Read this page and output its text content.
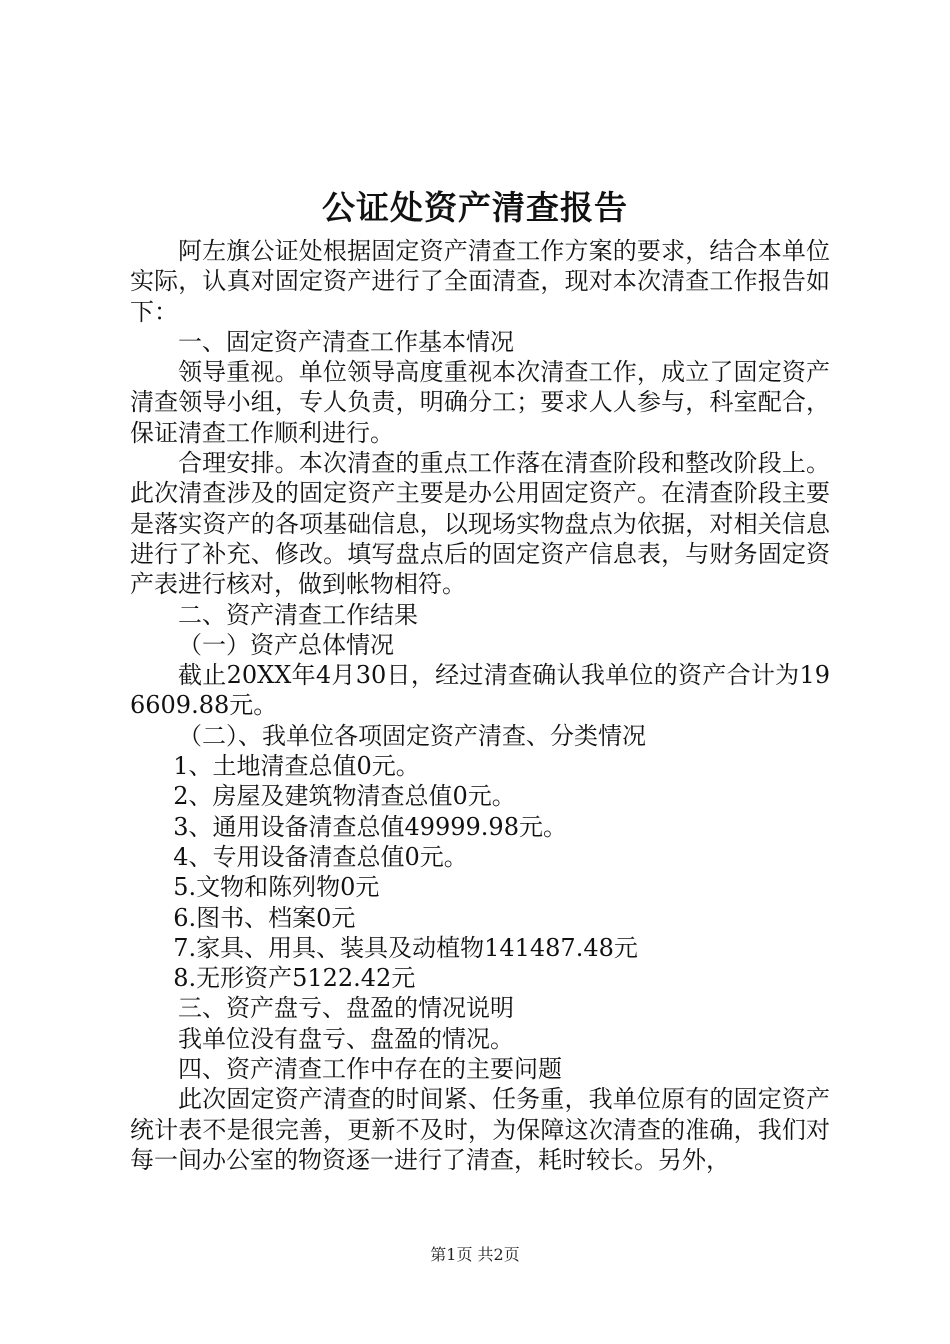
公证处资产清查报告

阿左旗公证处根据固定资产清查工作方案的要求，结合本单位实际，认真对固定资产进行了全面清查，现对本次清查工作报告如下：

一、固定资产清查工作基本情况

领导重视。单位领导高度重视本次清查工作，成立了固定资产清查领导小组，专人负责，明确分工；要求人人参与，科室配合，保证清查工作顺利进行。

合理安排。本次清查的重点工作落在清查阶段和整改阶段上。此次清查涉及的固定资产主要是办公用固定资产。在清查阶段主要是落实资产的各项基础信息，以现场实物盘点为依据，对相关信息进行了补充、修改。填写盘点后的固定资产信息表，与财务固定资产表进行核对，做到帐物相符。

二、资产清查工作结果

（一）资产总体情况

截止20XX年4月30日，经过清查确认我单位的资产合计为196609.88元。

（二）、我单位各项固定资产清查、分类情况

1、土地清查总值0元。

2、房屋及建筑物清查总值0元。

3、通用设备清查总值49999.98元。

4、专用设备清查总值0元。

5.文物和陈列物0元

6.图书、档案0元

7.家具、用具、装具及动植物141487.48元

8.无形资产5122.42元

三、资产盘亏、盘盈的情况说明

我单位没有盘亏、盘盈的情况。

四、资产清查工作中存在的主要问题

此次固定资产清查的时间紧、任务重，我单位原有的固定资产统计表不是很完善，更新不及时，为保障这次清查的准确，我们对每一间办公室的物资逐一进行了清查，耗时较长。另外，

第1页 共2页
